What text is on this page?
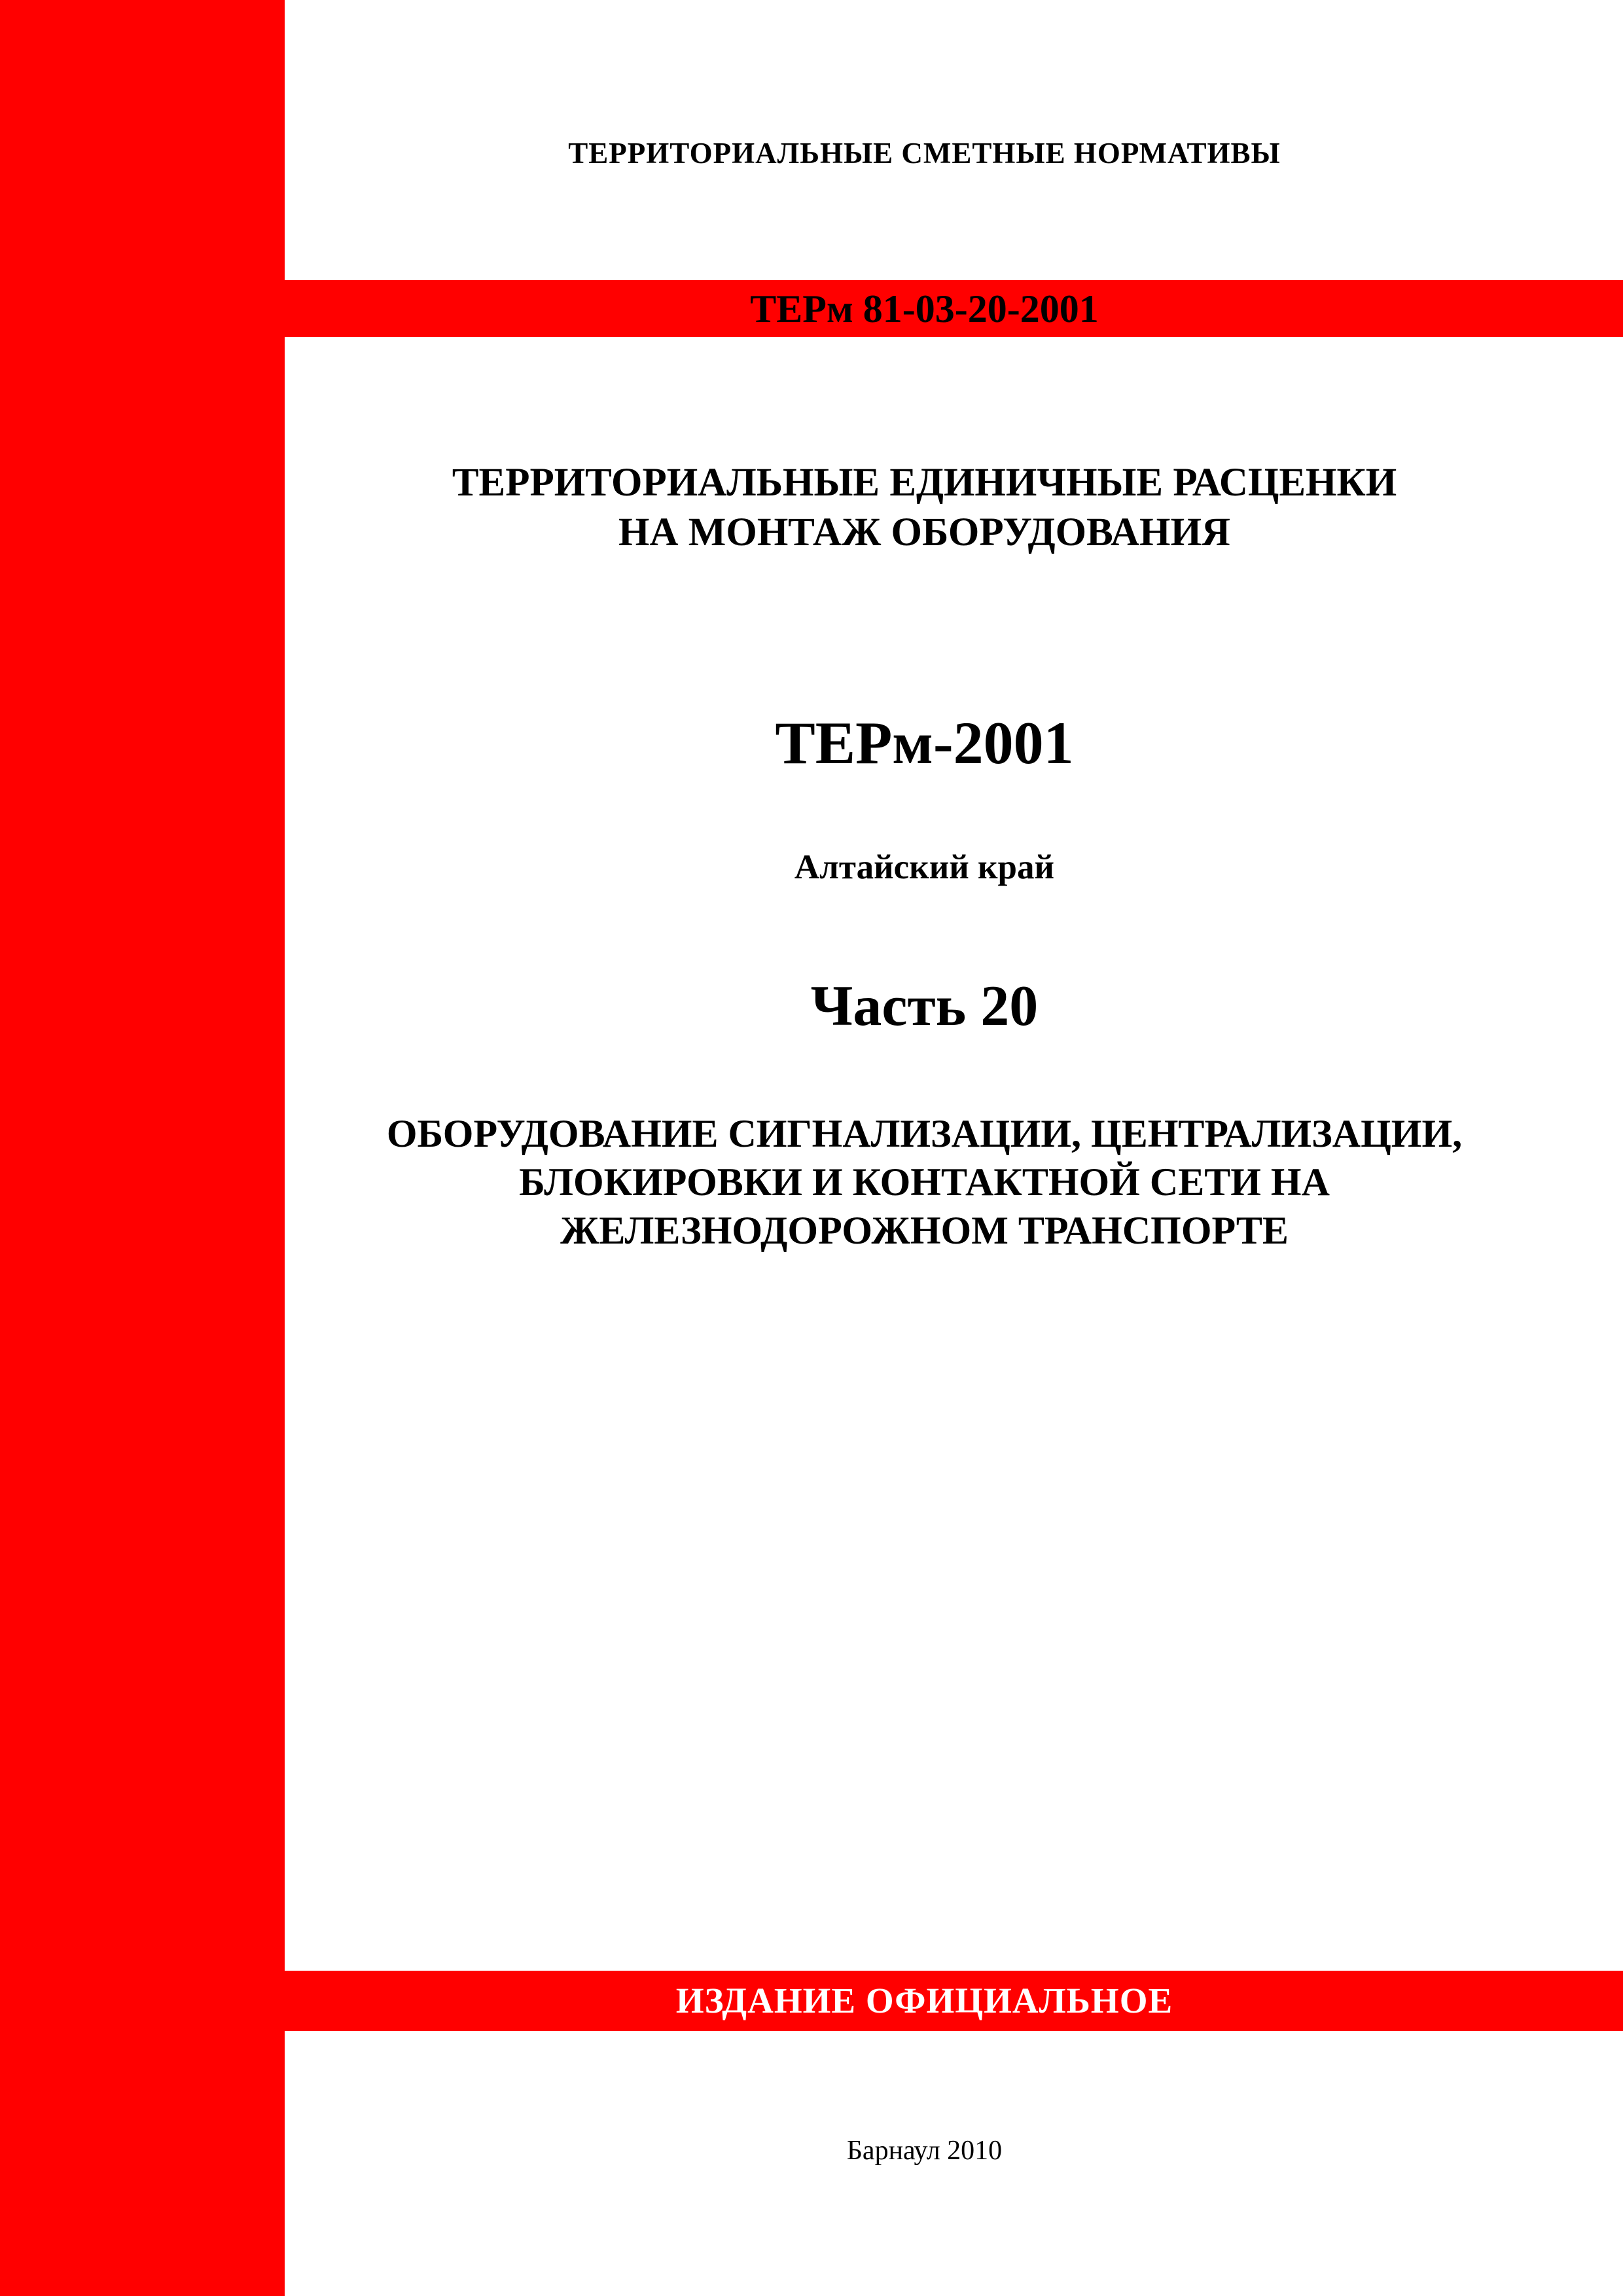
ТЕРРИТОРИАЛЬНЫЕ СМЕТНЫЕ НОРМАТИВЫ
ТЕРм 81-03-20-2001
ТЕРРИТОРИАЛЬНЫЕ ЕДИНИЧНЫЕ РАСЦЕНКИ
НА МОНТАЖ ОБОРУДОВАНИЯ
ТЕРм-2001
Алтайский край
Часть 20
ОБОРУДОВАНИЕ СИГНАЛИЗАЦИИ, ЦЕНТРАЛИЗАЦИИ,
БЛОКИРОВКИ И КОНТАКТНОЙ СЕТИ НА
ЖЕЛЕЗНОДОРОЖНОМ ТРАНСПОРТЕ
ИЗДАНИЕ ОФИЦИАЛЬНОЕ
Барнаул 2010
